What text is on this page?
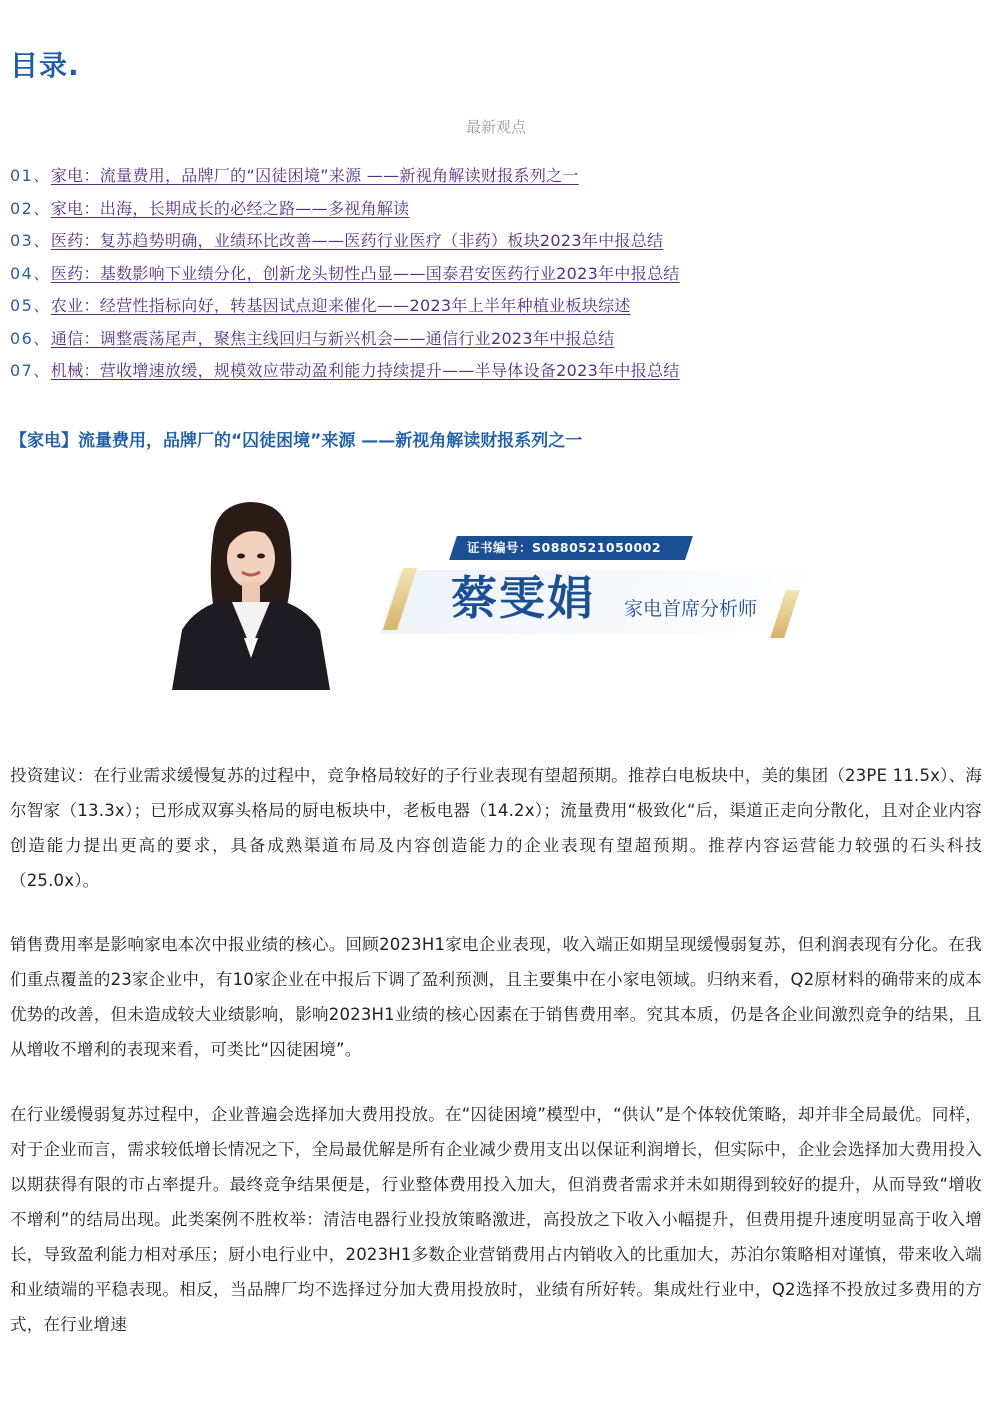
目录.
最新观点
01、家电：流量费用，品牌厂的“囚徒困境”来源 ——新视角解读财报系列之一
02、家电：出海，长期成长的必经之路——多视角解读
03、医药：复苏趋势明确，业绩环比改善——医药行业医疗（非药）板块2023年中报总结
04、医药：基数影响下业绩分化，创新龙头韧性凸显——国泰君安医药行业2023年中报总结
05、农业：经营性指标向好，转基因试点迎来催化——2023年上半年种植业板块综述
06、通信：调整震荡尾声，聚焦主线回归与新兴机会——通信行业2023年中报总结
07、机械：营收增速放缓，规模效应带动盈利能力持续提升——半导体设备2023年中报总结
【家电】流量费用，品牌厂的“囚徒困境”来源 ——新视角解读财报系列之一
证书编号：S0880521050002
蔡雯娟 家电首席分析师

投资建议：在行业需求缓慢复苏的过程中，竞争格局较好的子行业表现有望超预期。推荐白电板块中，美的集团（23PE 11.5x）、海尔智家（13.3x）；已形成双寡头格局的厨电板块中，老板电器（14.2x）；流量费用“极致化“后，渠道正走向分散化，且对企业内容创造能力提出更高的要求，具备成熟渠道布局及内容创造能力的企业表现有望超预期。推荐内容运营能力较强的石头科技（25.0x）。

销售费用率是影响家电本次中报业绩的核心。回顾2023H1家电企业表现，收入端正如期呈现缓慢弱复苏，但利润表现有分化。在我们重点覆盖的23家企业中，有10家企业在中报后下调了盈利预测，且主要集中在小家电领域。归纳来看，Q2原材料的确带来的成本优势的改善，但未造成较大业绩影响，影响2023H1业绩的核心因素在于销售费用率。究其本质，仍是各企业间激烈竞争的结果，且从增收不增利的表现来看，可类比“囚徒困境”。

在行业缓慢弱复苏过程中，企业普遍会选择加大费用投放。在“囚徒困境”模型中，“供认”是个体较优策略，却并非全局最优。同样，对于企业而言，需求较低增长情况之下，全局最优解是所有企业减少费用支出以保证利润增长，但实际中，企业会选择加大费用投入以期获得有限的市占率提升。最终竞争结果便是，行业整体费用投入加大，但消费者需求并未如期得到较好的提升，从而导致“增收不增利”的结局出现。此类案例不胜枚举：清洁电器行业投放策略激进，高投放之下收入小幅提升，但费用提升速度明显高于收入增长，导致盈利能力相对承压；厨小电行业中，2023H1多数企业营销费用占内销收入的比重加大，苏泊尔策略相对谨慎，带来收入端和业绩端的平稳表现。相反，当品牌厂均不选择过分加大费用投放时，业绩有所好转。集成灶行业中，Q2选择不投放过多费用的方式，在行业增速
